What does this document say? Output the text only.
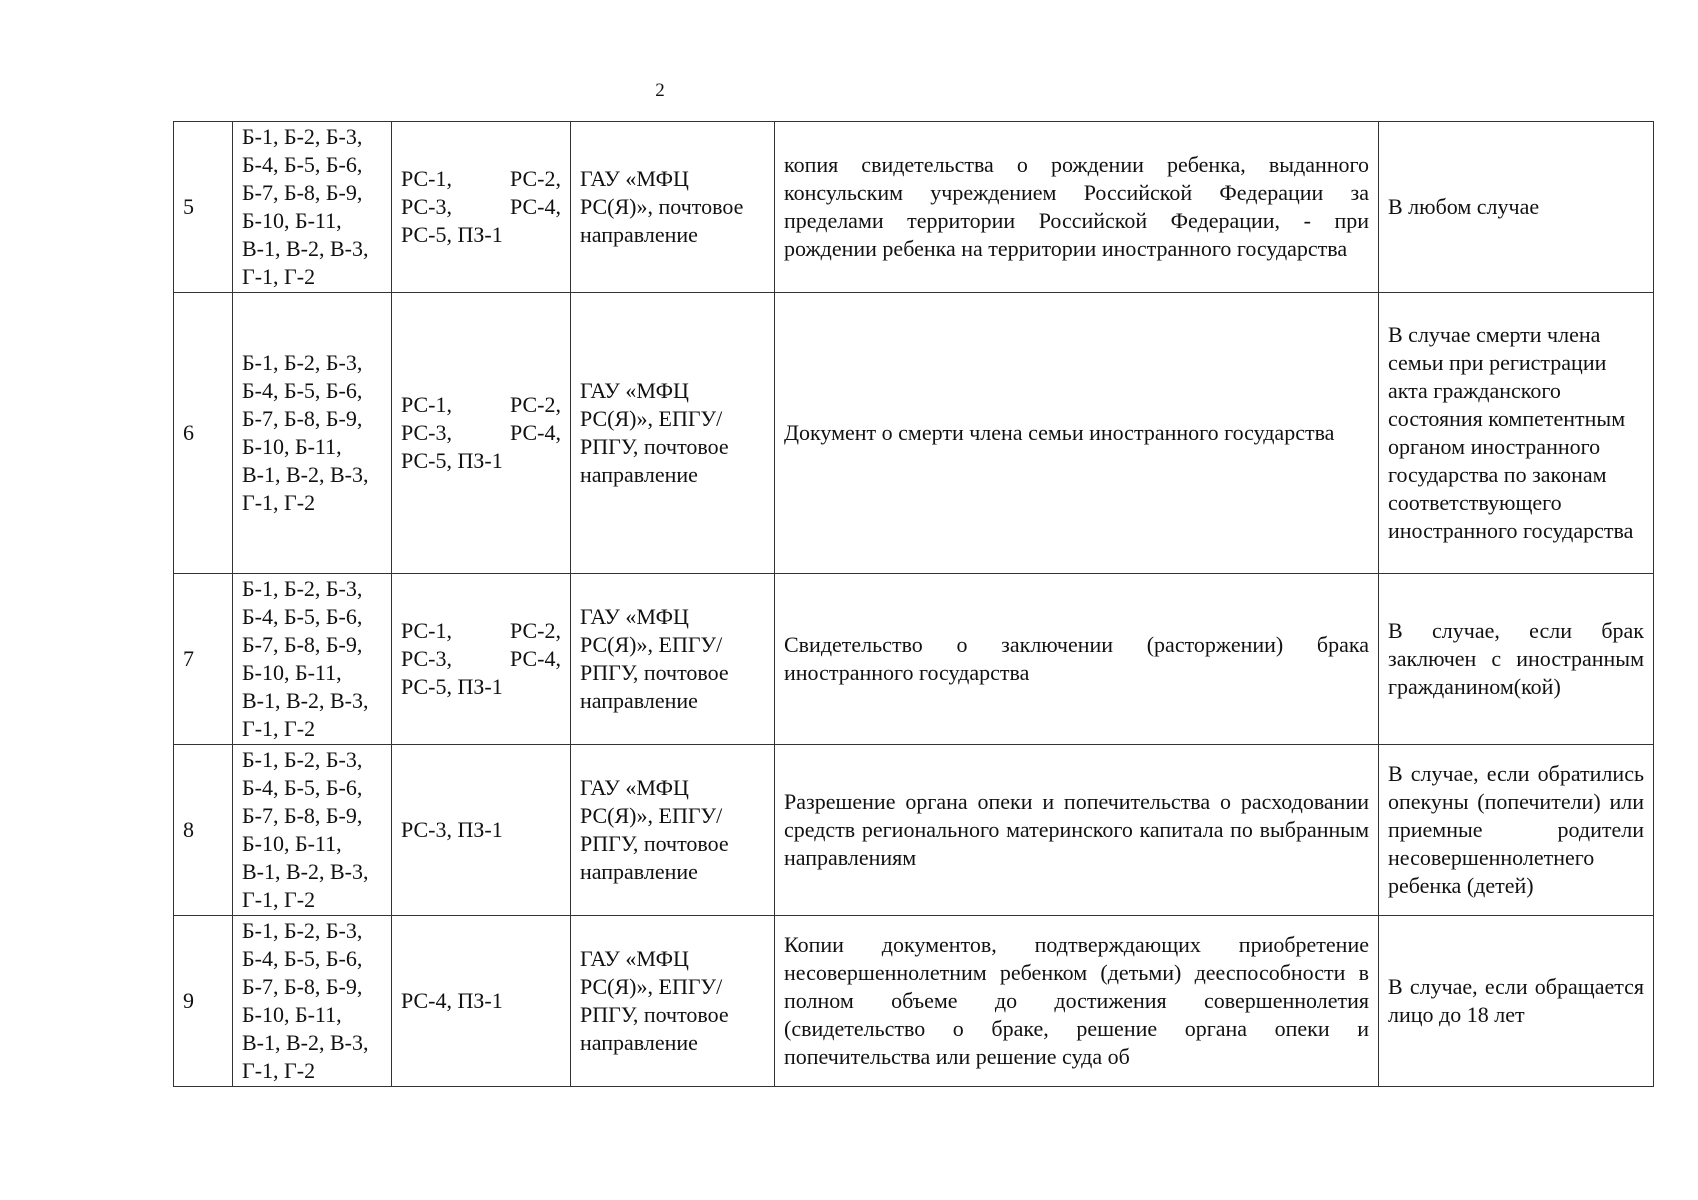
2
5	Б-1, Б-2, Б-3, Б-4, Б-5, Б-6, Б-7, Б-8, Б-9, Б-10, Б-11, В-1, В-2, В-3, Г-1, Г-2	РС-1, РС-2, РС-3, РС-4, РС-5, ПЗ-1	ГАУ «МФЦ РС(Я)», почтовое направление	копия свидетельства о рождении ребенка, выданного консульским учреждением Российской Федерации за пределами территории Российской Федерации, - при рождении ребенка на территории иностранного государства	В любом случае
6	Б-1, Б-2, Б-3, Б-4, Б-5, Б-6, Б-7, Б-8, Б-9, Б-10, Б-11, В-1, В-2, В-3, Г-1, Г-2	РС-1, РС-2, РС-3, РС-4, РС-5, ПЗ-1	ГАУ «МФЦ РС(Я)», ЕПГУ/РПГУ, почтовое направление	Документ о смерти члена семьи иностранного государства	В случае смерти члена семьи при регистрации акта гражданского состояния компетентным органом иностранного государства по законам соответствующего иностранного государства
7	Б-1, Б-2, Б-3, Б-4, Б-5, Б-6, Б-7, Б-8, Б-9, Б-10, Б-11, В-1, В-2, В-3, Г-1, Г-2	РС-1, РС-2, РС-3, РС-4, РС-5, ПЗ-1	ГАУ «МФЦ РС(Я)», ЕПГУ/РПГУ, почтовое направление	Свидетельство о заключении (расторжении) брака иностранного государства	В случае, если брак заключен с иностранным гражданином(кой)
8	Б-1, Б-2, Б-3, Б-4, Б-5, Б-6, Б-7, Б-8, Б-9, Б-10, Б-11, В-1, В-2, В-3, Г-1, Г-2	РС-3, ПЗ-1	ГАУ «МФЦ РС(Я)», ЕПГУ/РПГУ, почтовое направление	Разрешение органа опеки и попечительства о расходовании средств регионального материнского капитала по выбранным направлениям	В случае, если обратились опекуны (попечители) или приемные родители несовершеннолетнего ребенка (детей)
9	Б-1, Б-2, Б-3, Б-4, Б-5, Б-6, Б-7, Б-8, Б-9, Б-10, Б-11, В-1, В-2, В-3, Г-1, Г-2	РС-4, ПЗ-1	ГАУ «МФЦ РС(Я)», ЕПГУ/РПГУ, почтовое направление	Копии документов, подтверждающих приобретение несовершеннолетним ребенком (детьми) дееспособности в полном объеме до достижения совершеннолетия (свидетельство о браке, решение органа опеки и попечительства или решение суда об	В случае, если обращается лицо до 18 лет
